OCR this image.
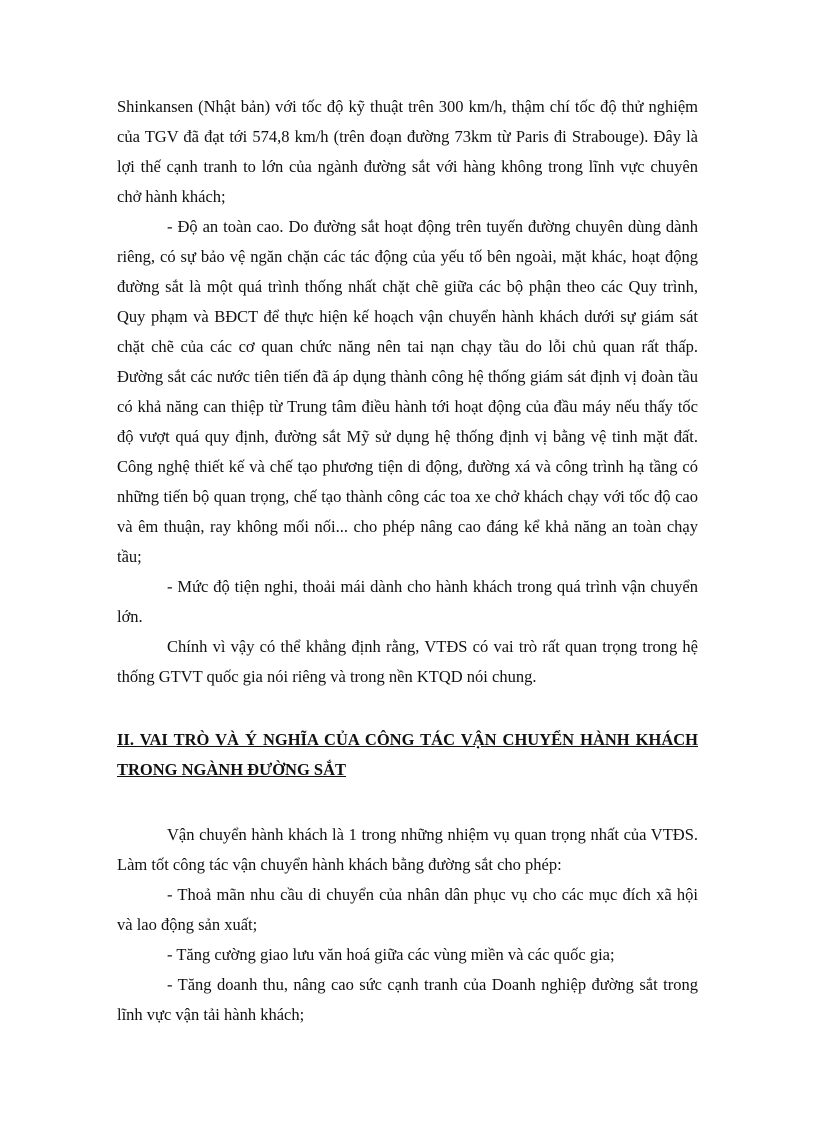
Shinkansen (Nhật bản) với tốc độ kỹ thuật trên 300 km/h, thậm chí tốc độ thử nghiệm của TGV đã đạt tới 574,8 km/h (trên đoạn đường 73km từ Paris đi Strabouge). Đây là lợi thế cạnh tranh to lớn của ngành đường sắt với hàng không trong lĩnh vực chuyên chở hành khách;

- Độ an toàn cao. Do đường sắt hoạt động trên tuyến đường chuyên dùng dành riêng, có sự bảo vệ ngăn chặn các tác động của yếu tố bên ngoài, mặt khác, hoạt động đường sắt là một quá trình thống nhất chặt chẽ giữa các bộ phận theo các Quy trình, Quy phạm và BĐCT để thực hiện kế hoạch vận chuyển hành khách dưới sự giám sát chặt chẽ của các cơ quan chức năng nên tai nạn chạy tầu do lỗi chủ quan rất thấp. Đường sắt các nước tiên tiến đã áp dụng thành công hệ thống giám sát định vị đoàn tầu có khả năng can thiệp từ Trung tâm điều hành tới hoạt động của đầu máy nếu thấy tốc độ vượt quá quy định, đường sắt Mỹ sử dụng hệ thống định vị bằng vệ tinh mặt đất. Công nghệ thiết kế và chế tạo phương tiện di động, đường xá và công trình hạ tầng có những tiến bộ quan trọng, chế tạo thành công các toa xe chở khách chạy với tốc độ cao và êm thuận, ray không mối nối... cho phép nâng cao đáng kể khả năng an toàn chạy tầu;

- Mức độ tiện nghi, thoải mái dành cho hành khách trong quá trình vận chuyển lớn.

Chính vì vậy có thể khẳng định rằng, VTĐS có vai trò rất quan trọng trong hệ thống GTVT quốc gia nói riêng và trong nền KTQD nói chung.

II. VAI TRÒ VÀ Ý NGHĨA CỦA CÔNG TÁC VẬN CHUYỂN HÀNH KHÁCH TRONG NGÀNH ĐƯỜNG SẮT

Vận chuyển hành khách là 1 trong những nhiệm vụ quan trọng nhất của VTĐS. Làm tốt công tác vận chuyển hành khách bằng đường sắt cho phép:

- Thoả mãn nhu cầu di chuyển của nhân dân phục vụ cho các mục đích xã hội và lao động sản xuất;

- Tăng cường giao lưu văn hoá giữa các vùng miền và các quốc gia;

- Tăng doanh thu, nâng cao sức cạnh tranh của Doanh nghiệp đường sắt trong lĩnh vực vận tải hành khách;
